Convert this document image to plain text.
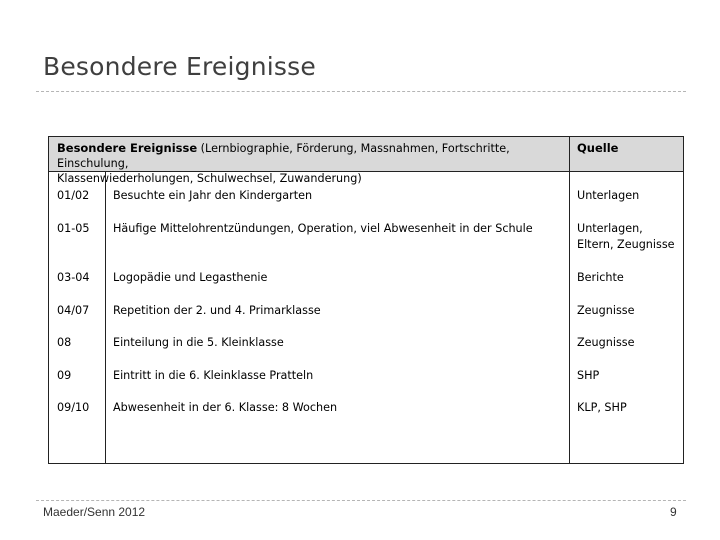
Besondere Ereignisse
Besondere Ereignisse (Lernbiographie, Förderung, Massnahmen, Fortschritte, Einschulung,
Klassenwiederholungen, Schulwechsel, Zuwanderung)
Quelle
01/02 Besuchte ein Jahr den Kindergarten	Unterlagen
01-05 Häufige Mittelohrentzündungen, Operation, viel Abwesenheit in der Schule	Unterlagen,
Eltern, Zeugnisse
03-04 Logopädie und Legasthenie	Berichte
04/07 Repetition der 2. und 4. Primarklasse	Zeugnisse
08	Einteilung in die 5. Kleinklasse	Zeugnisse
09	Eintritt in die 6. Kleinklasse Pratteln	SHP
09/10 Abwesenheit in der 6. Klasse: 8 Wochen	KLP, SHP
Maeder/Senn 2012	9
